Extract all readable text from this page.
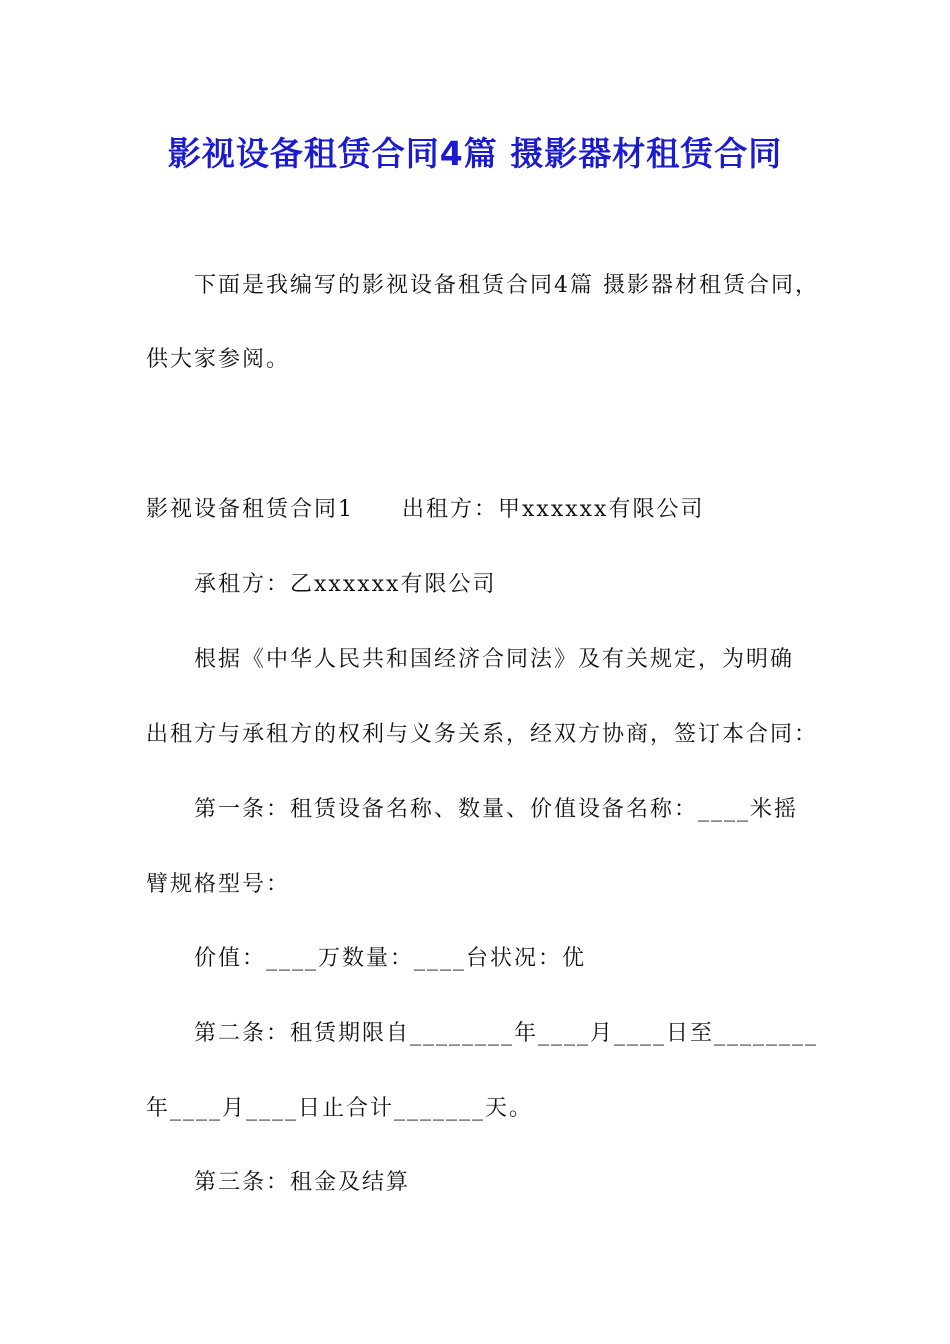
影视设备租赁合同4篇 摄影器材租赁合同
下面是我编写的影视设备租赁合同4篇 摄影器材租赁合同，
供大家参阅。
影视设备租赁合同1　　出租方：甲xxxxxx有限公司
承租方：乙xxxxxx有限公司
根据《中华人民共和国经济合同法》及有关规定，为明确
出租方与承租方的权利与义务关系，经双方协商，签订本合同：
第一条：租赁设备名称、数量、价值设备名称：____米摇
臂规格型号：
价值：____万数量：____台状况：优
第二条：租赁期限自________年____月____日至________
年____月____日止合计_______天。
第三条：租金及结算
